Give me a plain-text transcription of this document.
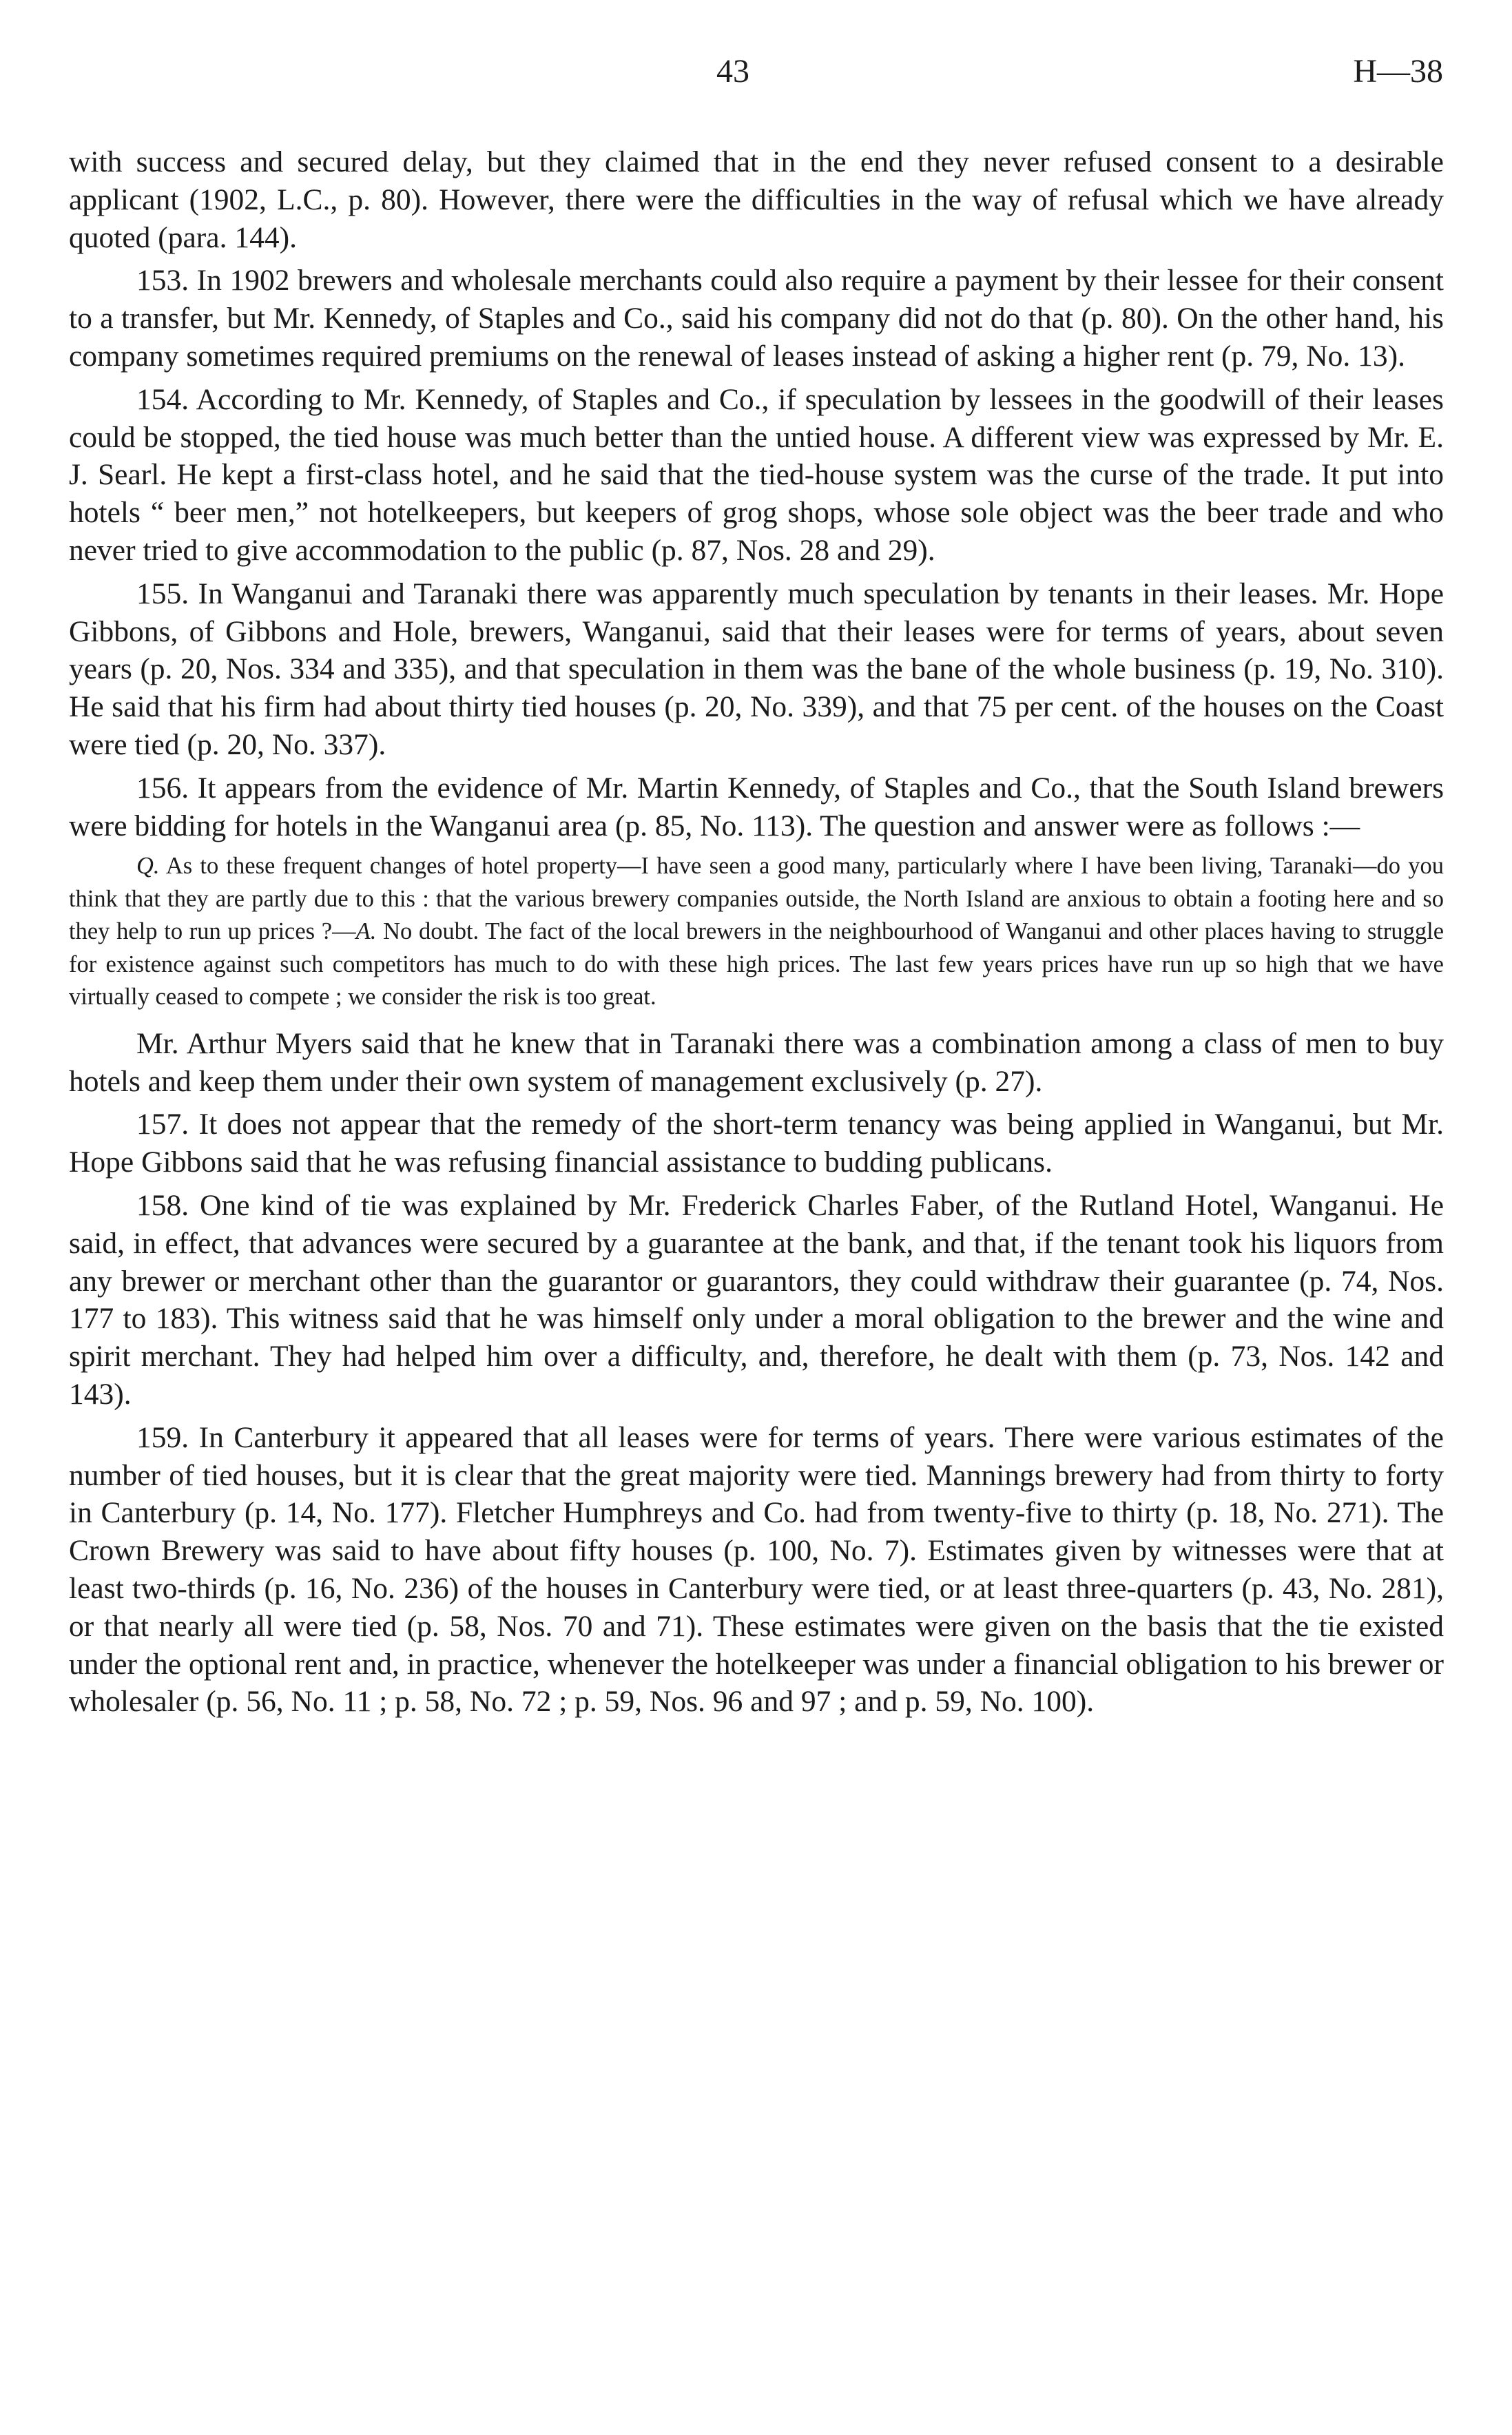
43	H—38

with success and secured delay, but they claimed that in the end they never refused consent to a desirable applicant (1902, L.C., p. 80). However, there were the difficulties in the way of refusal which we have already quoted (para. 144).

153. In 1902 brewers and wholesale merchants could also require a payment by their lessee for their consent to a transfer, but Mr. Kennedy, of Staples and Co., said his company did not do that (p. 80). On the other hand, his company sometimes required premiums on the renewal of leases instead of asking a higher rent (p. 79, No. 13).

154. According to Mr. Kennedy, of Staples and Co., if speculation by lessees in the goodwill of their leases could be stopped, the tied house was much better than the untied house. A different view was expressed by Mr. E. J. Searl. He kept a first-class hotel, and he said that the tied-house system was the curse of the trade. It put into hotels “ beer men,” not hotelkeepers, but keepers of grog shops, whose sole object was the beer trade and who never tried to give accommodation to the public (p. 87, Nos. 28 and 29).

155. In Wanganui and Taranaki there was apparently much speculation by tenants in their leases. Mr. Hope Gibbons, of Gibbons and Hole, brewers, Wanganui, said that their leases were for terms of years, about seven years (p. 20, Nos. 334 and 335), and that speculation in them was the bane of the whole business (p. 19, No. 310). He said that his firm had about thirty tied houses (p. 20, No. 339), and that 75 per cent. of the houses on the Coast were tied (p. 20, No. 337).

156. It appears from the evidence of Mr. Martin Kennedy, of Staples and Co., that the South Island brewers were bidding for hotels in the Wanganui area (p. 85, No. 113). The question and answer were as follows :—

Q. As to these frequent changes of hotel property—I have seen a good many, particularly where I have been living, Taranaki—do you think that they are partly due to this : that the various brewery companies outside, the North Island are anxious to obtain a footing here and so they help to run up prices ?—A. No doubt. The fact of the local brewers in the neighbourhood of Wanganui and other places having to struggle for existence against such competitors has much to do with these high prices. The last few years prices have run up so high that we have virtually ceased to compete ; we consider the risk is too great.

Mr. Arthur Myers said that he knew that in Taranaki there was a combination among a class of men to buy hotels and keep them under their own system of management exclusively (p. 27).

157. It does not appear that the remedy of the short-term tenancy was being applied in Wanganui, but Mr. Hope Gibbons said that he was refusing financial assistance to budding publicans.

158. One kind of tie was explained by Mr. Frederick Charles Faber, of the Rutland Hotel, Wanganui. He said, in effect, that advances were secured by a guarantee at the bank, and that, if the tenant took his liquors from any brewer or merchant other than the guarantor or guarantors, they could withdraw their guarantee (p. 74, Nos. 177 to 183). This witness said that he was himself only under a moral obligation to the brewer and the wine and spirit merchant. They had helped him over a difficulty, and, therefore, he dealt with them (p. 73, Nos. 142 and 143).

159. In Canterbury it appeared that all leases were for terms of years. There were various estimates of the number of tied houses, but it is clear that the great majority were tied. Mannings brewery had from thirty to forty in Canterbury (p. 14, No. 177). Fletcher Humphreys and Co. had from twenty-five to thirty (p. 18, No. 271). The Crown Brewery was said to have about fifty houses (p. 100, No. 7). Estimates given by witnesses were that at least two-thirds (p. 16, No. 236) of the houses in Canterbury were tied, or at least three-quarters (p. 43, No. 281), or that nearly all were tied (p. 58, Nos. 70 and 71). These estimates were given on the basis that the tie existed under the optional rent and, in practice, whenever the hotelkeeper was under a financial obligation to his brewer or wholesaler (p. 56, No. 11 ; p. 58, No. 72 ; p. 59, Nos. 96 and 97 ; and p. 59, No. 100).
